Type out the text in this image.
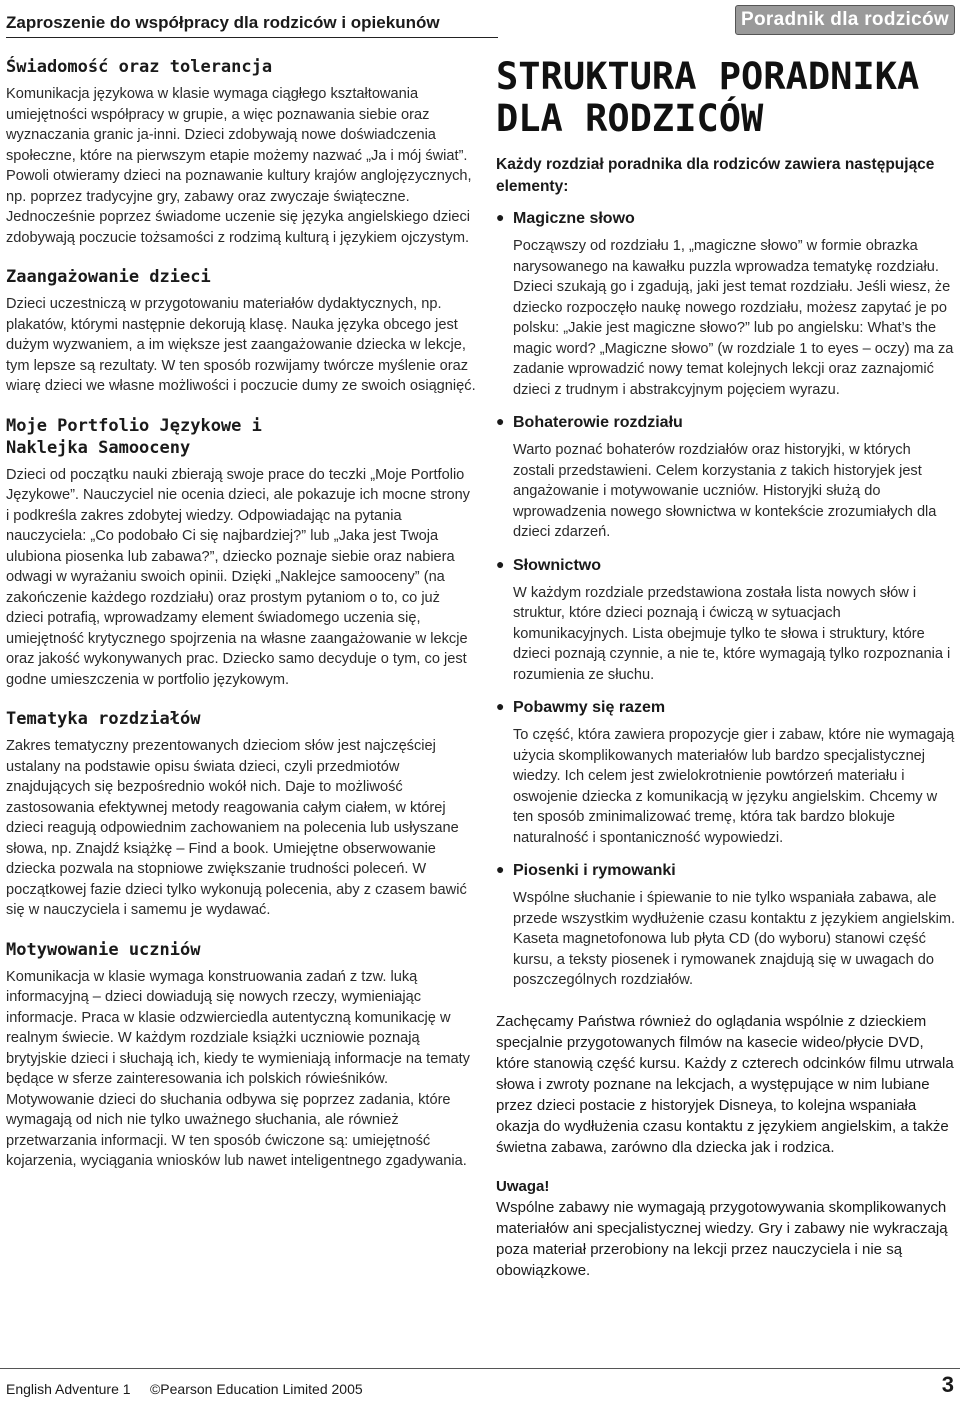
Zaproszenie do współpracy dla rodziców i opiekunów	Poradnik dla rodziców
Świadomość oraz tolerancja

Komunikacja językowa w klasie wymaga ciągłego kształtowania umiejętności współpracy w grupie, a więc poznawania siebie oraz wyznaczania granic ja-inni. Dzieci zdobywają nowe doświadczenia społeczne, które na pierwszym etapie możemy nazwać „Ja i mój świat”. Powoli otwieramy dzieci na poznawanie kultury krajów anglojęzycznych, np. poprzez tradycyjne gry, zabawy oraz zwyczaje świąteczne. Jednocześnie poprzez świadome uczenie się języka angielskiego dzieci zdobywają poczucie tożsamości z rodzimą kulturą i językiem ojczystym.

Zaangażowanie dzieci

Dzieci uczestniczą w przygotowaniu materiałów dydaktycznych, np. plakatów, którymi następnie dekorują klasę. Nauka języka obcego jest dużym wyzwaniem, a im większe jest zaangażowanie dziecka w lekcje, tym lepsze są rezultaty. W ten sposób rozwijamy twórcze myślenie oraz wiarę dzieci we własne możliwości i poczucie dumy ze swoich osiągnięć.

Moje Portfolio Językowe i Naklejka Samooceny

Dzieci od początku nauki zbierają swoje prace do teczki „Moje Portfolio Językowe”. Nauczyciel nie ocenia dzieci, ale pokazuje ich mocne strony i podkreśla zakres zdobytej wiedzy. Odpowiadając na pytania nauczyciela: „Co podobało Ci się najbardziej?” lub „Jaka jest Twoja ulubiona piosenka lub zabawa?”, dziecko poznaje siebie oraz nabiera odwagi w wyrażaniu swoich opinii. Dzięki „Naklejce samooceny” (na zakończenie każdego rozdziału) oraz prostym pytaniom o to, co już dzieci potrafią, wprowadzamy element świadomego uczenia się, umiejętność krytycznego spojrzenia na własne zaangażowanie w lekcje oraz jakość wykonywanych prac. Dziecko samo decyduje o tym, co jest godne umieszczenia w portfolio językowym.

Tematyka rozdziałów

Zakres tematyczny prezentowanych dzieciom słów jest najczęściej ustalany na podstawie opisu świata dzieci, czyli przedmiotów znajdujących się bezpośrednio wokół nich. Daje to możliwość zastosowania efektywnej metody reagowania całym ciałem, w której dzieci reagują odpowiednim zachowaniem na polecenia lub usłyszane słowa, np. Znajdź książkę – Find a book. Umiejętne obserwowanie dziecka pozwala na stopniowe zwiększanie trudności poleceń. W początkowej fazie dzieci tylko wykonują polecenia, aby z czasem bawić się w nauczyciela i samemu je wydawać.

Motywowanie uczniów

Komunikacja w klasie wymaga konstruowania zadań z tzw. luką informacyjną – dzieci dowiadują się nowych rzeczy, wymieniając informacje. Praca w klasie odzwierciedla autentyczną komunikację w realnym świecie. W każdym rozdziale książki uczniowie poznają brytyjskie dzieci i słuchają ich, kiedy te wymieniają informacje na tematy będące w sferze zainteresowania ich polskich rówieśników. Motywowanie dzieci do słuchania odbywa się poprzez zadania, które wymagają od nich nie tylko uważnego słuchania, ale również przetwarzania informacji. W ten sposób ćwiczone są: umiejętność kojarzenia, wyciągania wniosków lub nawet inteligentnego zgadywania.

STRUKTURA PORADNIKA DLA RODZICÓW
Każdy rozdział poradnika dla rodziców zawiera następujące elementy:
● Magiczne słowo

Począwszy od rozdziału 1, „magiczne słowo” w formie obrazka narysowanego na kawałku puzzla wprowadza tematykę rozdziału. Dzieci szukają go i zgadują, jaki jest temat rozdziału. Jeśli wiesz, że dziecko rozpoczęło naukę nowego rozdziału, możesz zapytać je po polsku: „Jakie jest magiczne słowo?” lub po angielsku: What’s the magic word? „Magiczne słowo” (w rozdziale 1 to eyes – oczy) ma za zadanie wprowadzić nowy temat kolejnych lekcji oraz zaznajomić dzieci z trudnym i abstrakcyjnym pojęciem wyrazu.

● Bohaterowie rozdziału

Warto poznać bohaterów rozdziałów oraz historyjki, w których zostali przedstawieni. Celem korzystania z takich historyjek jest angażowanie i motywowanie uczniów. Historyjki służą do wprowadzenia nowego słownictwa w kontekście zrozumiałych dla dzieci zdarzeń.

● Słownictwo

W każdym rozdziale przedstawiona została lista nowych słów i struktur, które dzieci poznają i ćwiczą w sytuacjach komunikacyjnych. Lista obejmuje tylko te słowa i struktury, które dzieci poznają czynnie, a nie te, które wymagają tylko rozpoznania i rozumienia ze słuchu.

● Pobawmy się razem

To część, która zawiera propozycje gier i zabaw, które nie wymagają użycia skomplikowanych materiałów lub bardzo specjalistycznej wiedzy. Ich celem jest zwielokrotnienie powtórzeń materiału i oswojenie dziecka z komunikacją w języku angielskim. Chcemy w ten sposób zminimalizować tremę, która tak bardzo blokuje naturalność i spontaniczność wypowiedzi.

● Piosenki i rymowanki

Wspólne słuchanie i śpiewanie to nie tylko wspaniała zabawa, ale przede wszystkim wydłużenie czasu kontaktu z językiem angielskim. Kaseta magnetofonowa lub płyta CD (do wyboru) stanowi część kursu, a teksty piosenek i rymowanek znajdują się w uwagach do poszczególnych rozdziałów.

Zachęcamy Państwa również do oglądania wspólnie z dzieckiem specjalnie przygotowanych filmów na kasecie wideo/płycie DVD, które stanowią część kursu. Każdy z czterech odcinków filmu utrwala słowa i zwroty poznane na lekcjach, a występujące w nim lubiane przez dzieci postacie z historyjek Disneya, to kolejna wspaniała okazja do wydłużenia czasu kontaktu z językiem angielskim, a także świetna zabawa, zarówno dla dziecka jak i rodzica.

Uwaga!

Wspólne zabawy nie wymagają przygotowywania skomplikowanych materiałów ani specjalistycznej wiedzy. Gry i zabawy nie wykraczają poza materiał przerobiony na lekcji przez nauczyciela i nie są obowiązkowe.

English Adventure 1     ©Pearson Education Limited 2005	3
